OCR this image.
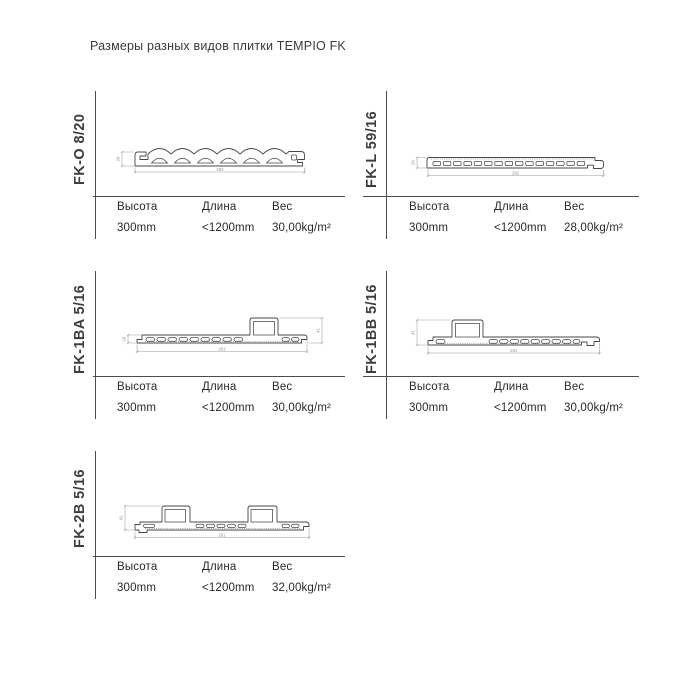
Размеры разных видов плитки TEMPIO FK
FK-O 8/20	20
292
Высота	Длина	Вес
300mm	<1200mm	30,00kg/m²
FK-L 59/16	16
291
Высота	Длина	Вес
300mm	<1200mm	28,00kg/m²
FK-1BA 5/16	16
41
291
Высота	Длина	Вес
300mm	<1200mm	30,00kg/m²
FK-1BB 5/16	41
291
Высота	Длина	Вес
300mm	<1200mm	30,00kg/m²
FK-2B 5/16	41
291
Высота	Длина	Вес
300mm	<1200mm	32,00kg/m²
